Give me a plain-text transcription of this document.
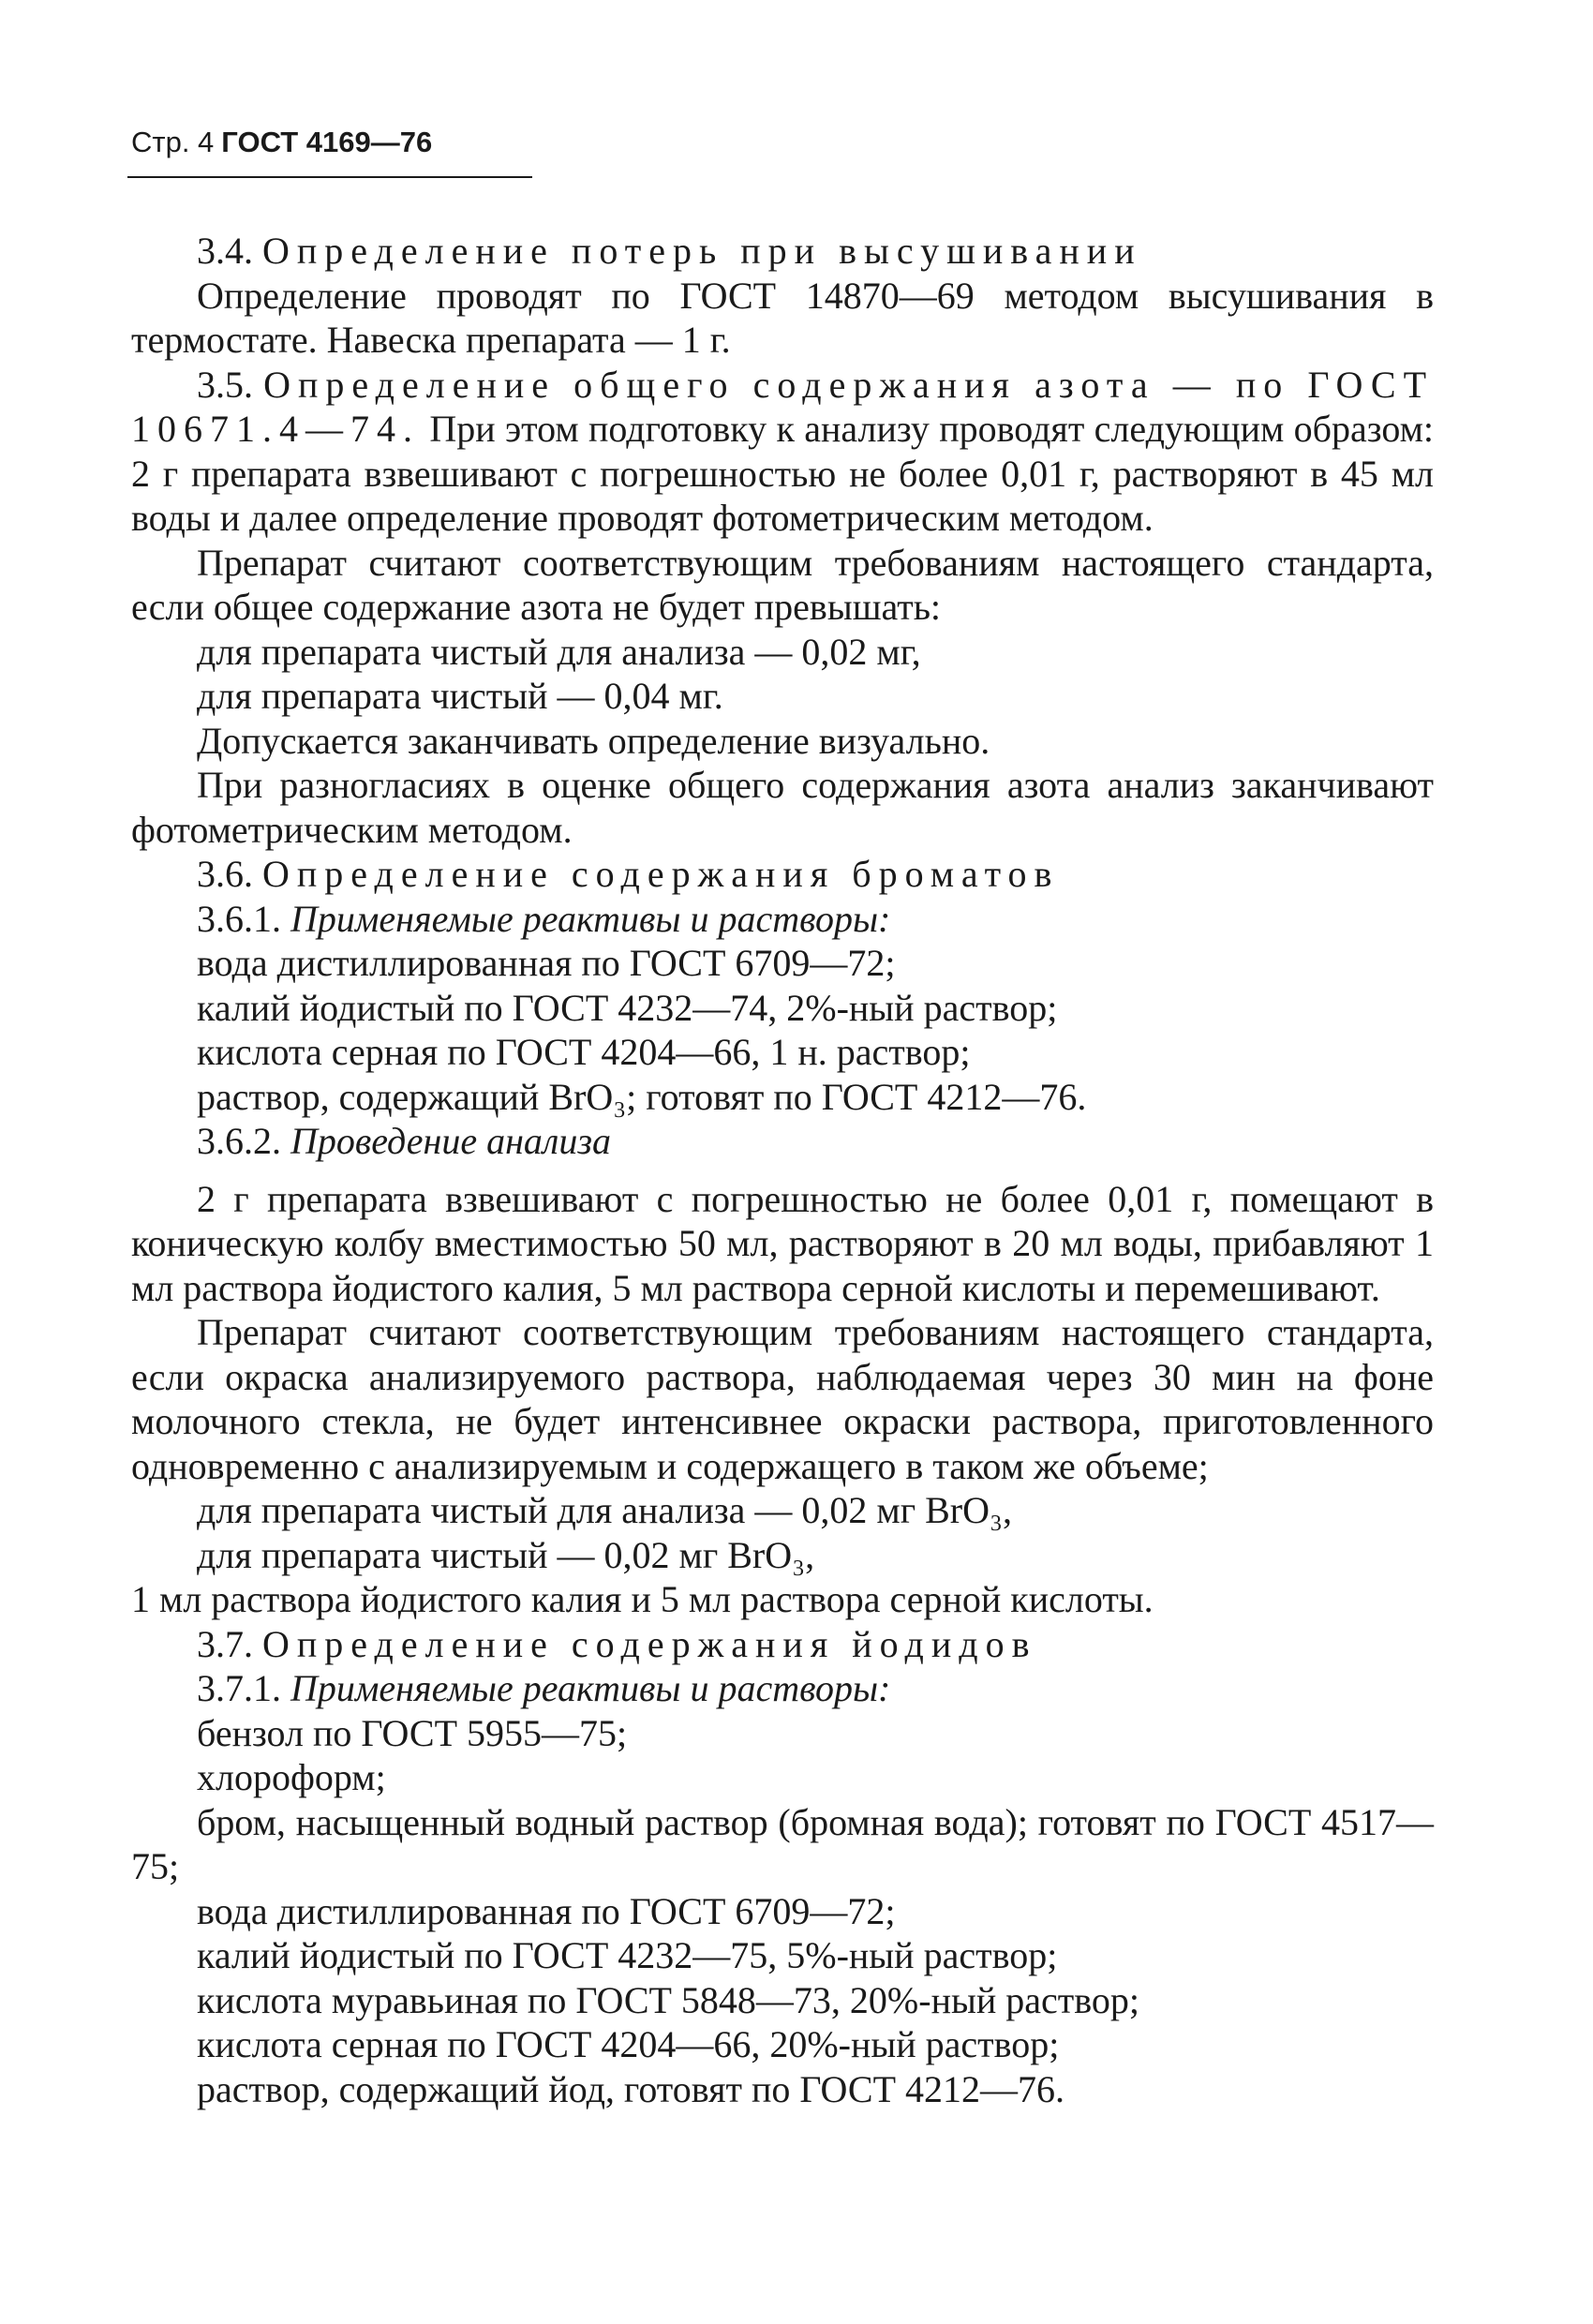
Стр. 4 ГОСТ 4169—76

3.4. Определение потерь при высушивании

Определение проводят по ГОСТ 14870—69 методом высушивания в термостате. Навеска препарата — 1 г.

3.5. Определение общего содержания азота — по ГОСТ 10671.4—74. При этом подготовку к анализу проводят следующим образом: 2 г препарата взвешивают с погрешностью не более 0,01 г, растворяют в 45 мл воды и далее определение проводят фотометрическим методом.

Препарат считают соответствующим требованиям настоящего стандарта, если общее содержание азота не будет превышать:

для препарата чистый для анализа — 0,02 мг,

для препарата чистый — 0,04 мг.

Допускается заканчивать определение визуально.

При разногласиях в оценке общего содержания азота анализ заканчивают фотометрическим методом.

3.6. Определение содержания броматов

3.6.1. Применяемые реактивы и растворы:

вода дистиллированная по ГОСТ 6709—72;

калий йодистый по ГОСТ 4232—74, 2%-ный раствор;

кислота серная по ГОСТ 4204—66, 1 н. раствор;

раствор, содержащий BrO₃; готовят по ГОСТ 4212—76.

3.6.2. Проведение анализа

2 г препарата взвешивают с погрешностью не более 0,01 г, помещают в коническую колбу вместимостью 50 мл, растворяют в 20 мл воды, прибавляют 1 мл раствора йодистого калия, 5 мл раствора серной кислоты и перемешивают.

Препарат считают соответствующим требованиям настоящего стандарта, если окраска анализируемого раствора, наблюдаемая через 30 мин на фоне молочного стекла, не будет интенсивнее окраски раствора, приготовленного одновременно с анализируемым и содержащего в таком же объеме;

для препарата чистый для анализа — 0,02 мг BrO₃,

для препарата чистый — 0,02 мг BrO₃,

1 мл раствора йодистого калия и 5 мл раствора серной кислоты.

3.7. Определение содержания йодидов

3.7.1. Применяемые реактивы и растворы:

бензол по ГОСТ 5955—75;

хлороформ;

бром, насыщенный водный раствор (бромная вода); готовят по ГОСТ 4517—75;

вода дистиллированная по ГОСТ 6709—72;

калий йодистый по ГОСТ 4232—75, 5%-ный раствор;

кислота муравьиная по ГОСТ 5848—73, 20%-ный раствор;

кислота серная по ГОСТ 4204—66, 20%-ный раствор;

раствор, содержащий йод, готовят по ГОСТ 4212—76.
